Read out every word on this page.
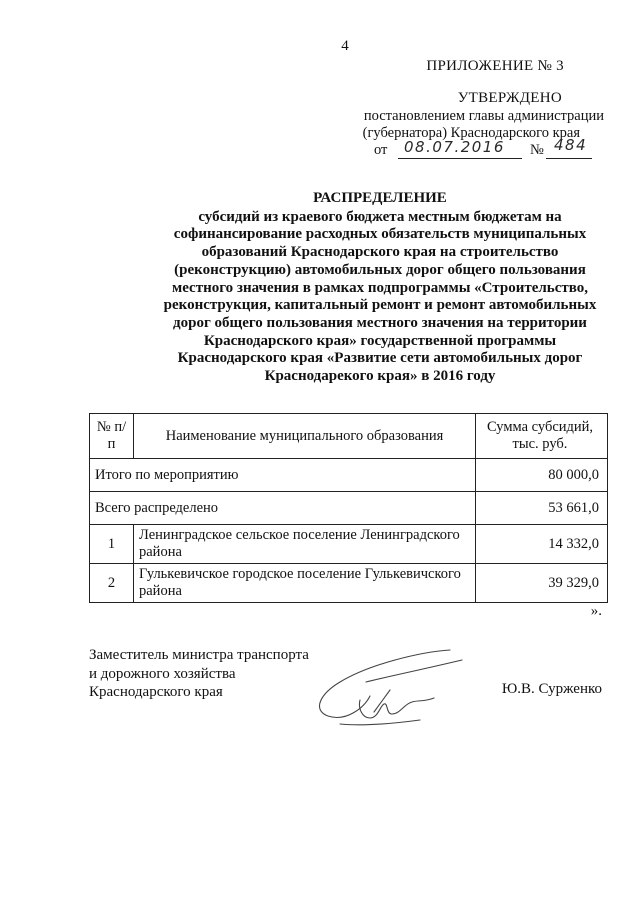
4
ПРИЛОЖЕНИЕ № 3
УТВЕРЖДЕНО
постановлением главы администрации
(губернатора) Краснодарского края
от 08.07.2016 № 484
РАСПРЕДЕЛЕНИЕ
субсидий из краевого бюджета местным бюджетам на
софинансирование расходных обязательств муниципальных
образований Краснодарского края на строительство
(реконструкцию) автомобильных дорог общего пользования
местного значения в рамках подпрограммы «Строительство,
реконструкция, капитальный ремонт и ремонт автомобильных
дорог общего пользования местного значения на территории
Краснодарского края» государственной программы
Краснодарского края «Развитие сети автомобильных дорог
Краснодарекого края» в 2016 году
№ п/п	Наименование муниципального образования	Сумма субсидий, тыс. руб.
Итого по мероприятию		80 000,0
Всего распределено		53 661,0
1	Ленинградское сельское поселение Ленинградского района	14 332,0
2	Гулькевичское городское поселение Гулькевичского района	39 329,0
».
Заместитель министра транспорта
и дорожного хозяйства
Краснодарского края	Ю.В. Сурженко
